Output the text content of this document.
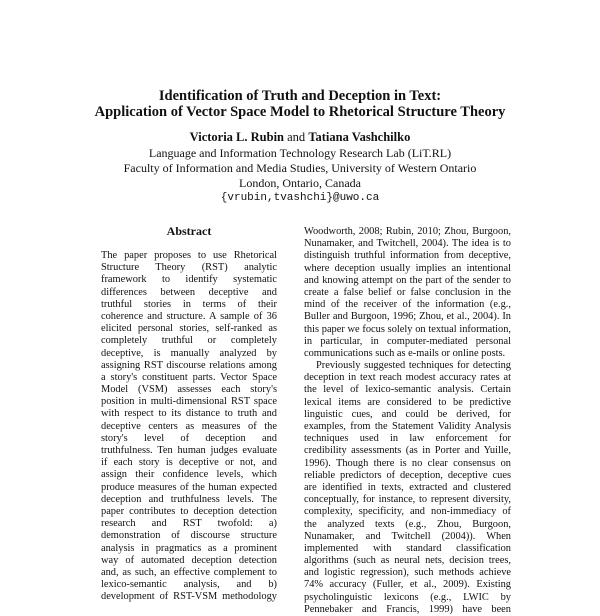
Identification of Truth and Deception in Text:
Application of Vector Space Model to Rhetorical Structure Theory
Victoria L. Rubin and Tatiana Vashchilko
Language and Information Technology Research Lab (LiT.RL)
Faculty of Information and Media Studies, University of Western Ontario
London, Ontario, Canada
{vrubin,tvashchi}@uwo.ca
Abstract
The paper proposes to use Rhetorical
Structure Theory (RST) analytic
framework to identify systematic
differences between deceptive and
truthful stories in terms of their
coherence and structure. A sample of 36
elicited personal stories, self-ranked as
completely truthful or completely
deceptive, is manually analyzed by
assigning RST discourse relations among
a story's constituent parts. Vector Space
Model (VSM) assesses each story's
position in multi-dimensional RST space
with respect to its distance to truth and
deceptive centers as measures of the
story's level of deception and
truthfulness. Ten human judges evaluate
if each story is deceptive or not, and
assign their confidence levels, which
produce measures of the human expected
deception and truthfulness levels. The
paper contributes to deception detection
research and RST twofold: a)
demonstration of discourse structure
analysis in pragmatics as a prominent
way of automated deception detection
and, as such, an effective complement to
lexico-semantic analysis, and b)
development of RST-VSM methodology
Woodworth, 2008; Rubin, 2010; Zhou, Burgoon,
Nunamaker, and Twitchell, 2004). The idea is to
distinguish truthful information from deceptive,
where deception usually implies an intentional
and knowing attempt on the part of the sender to
create a false belief or false conclusion in the
mind of the receiver of the information (e.g.,
Buller and Burgoon, 1996; Zhou, et al., 2004). In
this paper we focus solely on textual information,
in particular, in computer-mediated personal
communications such as e-mails or online posts.
Previously suggested techniques for detecting
deception in text reach modest accuracy rates at
the level of lexico-semantic analysis. Certain
lexical items are considered to be predictive
linguistic cues, and could be derived, for
examples, from the Statement Validity Analysis
techniques used in law enforcement for
credibility assessments (as in Porter and Yuille,
1996). Though there is no clear consensus on
reliable predictors of deception, deceptive cues
are identified in texts, extracted and clustered
conceptually, for instance, to represent diversity,
complexity, specificity, and non-immediacy of
the analyzed texts (e.g., Zhou, Burgoon,
Nunamaker, and Twitchell (2004)). When
implemented with standard classification
algorithms (such as neural nets, decision trees,
and logistic regression), such methods achieve
74% accuracy (Fuller, et al., 2009). Existing
psycholinguistic lexicons (e.g., LWIC by
Pennebaker and Francis, 1999) have been
